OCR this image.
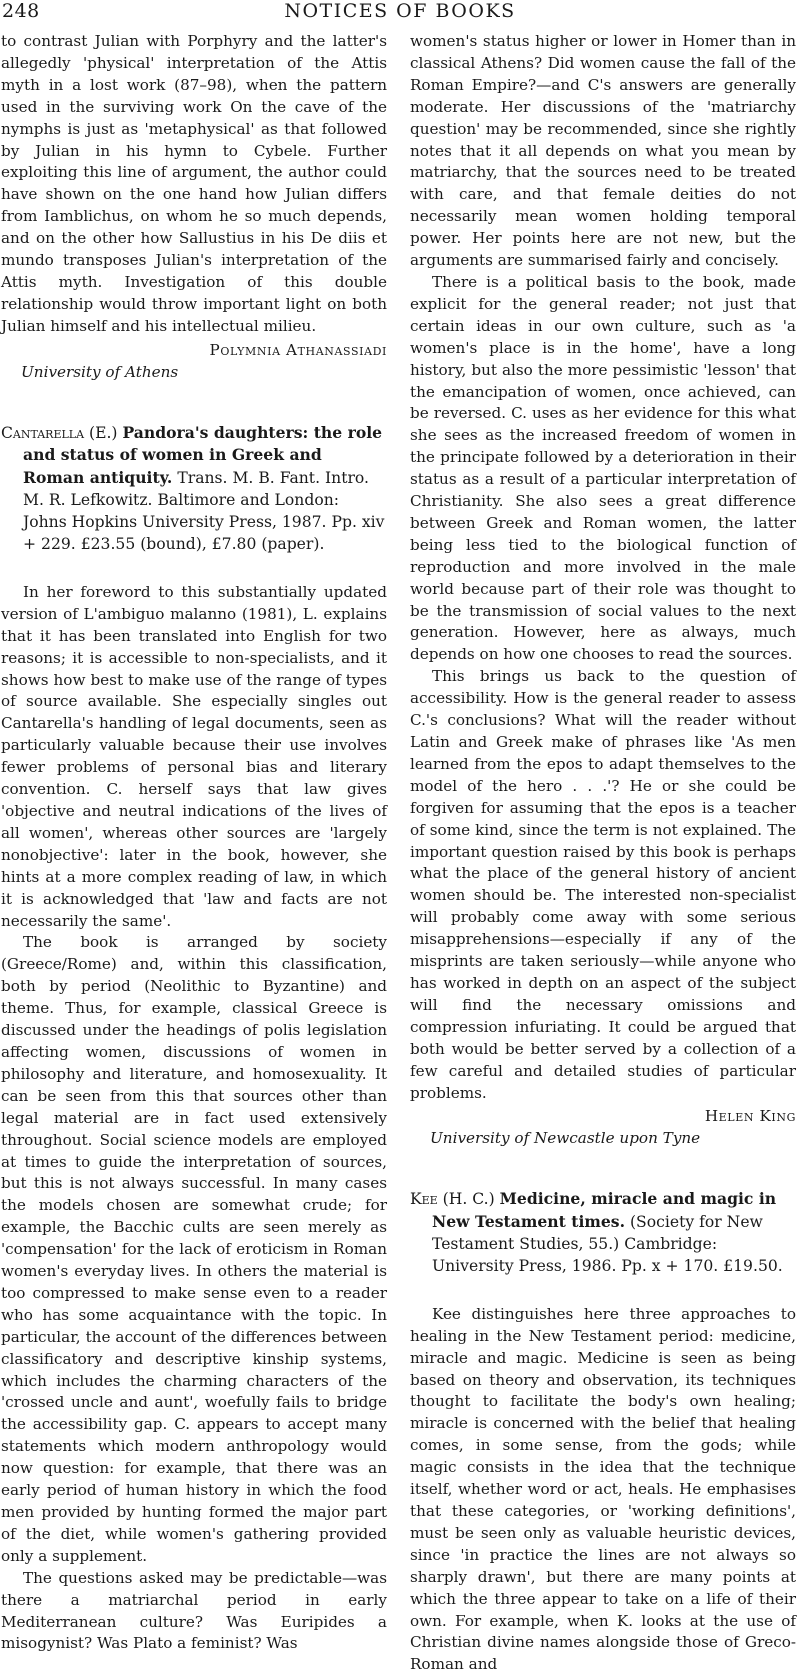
248	NOTICES OF BOOKS

to contrast Julian with Porphyry and the latter's allegedly 'physical' interpretation of the Attis myth in a lost work (87–98), when the pattern used in the surviving work On the cave of the nymphs is just as 'metaphysical' as that followed by Julian in his hymn to Cybele. Further exploiting this line of argument, the author could have shown on the one hand how Julian differs from Iamblichus, on whom he so much depends, and on the other how Sallustius in his De diis et mundo transposes Julian's interpretation of the Attis myth. Investigation of this double relationship would throw important light on both Julian himself and his intellectual milieu.

Polymnia Athanassiadi

University of Athens

Cantarella (E.) Pandora's daughters: the role and status of women in Greek and Roman antiquity. Trans. M. B. Fant. Intro. M. R. Lefkowitz. Baltimore and London: Johns Hopkins University Press, 1987. Pp. xiv + 229. £23.55 (bound), £7.80 (paper).

In her foreword to this substantially updated version of L'ambiguo malanno (1981), L. explains that it has been translated into English for two reasons; it is accessible to non-specialists, and it shows how best to make use of the range of types of source available. She especially singles out Cantarella's handling of legal documents, seen as particularly valuable because their use involves fewer problems of personal bias and literary convention. C. herself says that law gives 'objective and neutral indications of the lives of all women', whereas other sources are 'largely nonobjective': later in the book, however, she hints at a more complex reading of law, in which it is acknowledged that 'law and facts are not necessarily the same'.

The book is arranged by society (Greece/Rome) and, within this classification, both by period (Neolithic to Byzantine) and theme. Thus, for example, classical Greece is discussed under the headings of polis legislation affecting women, discussions of women in philosophy and literature, and homosexuality. It can be seen from this that sources other than legal material are in fact used extensively throughout. Social science models are employed at times to guide the interpretation of sources, but this is not always successful. In many cases the models chosen are somewhat crude; for example, the Bacchic cults are seen merely as 'compensation' for the lack of eroticism in Roman women's everyday lives. In others the material is too compressed to make sense even to a reader who has some acquaintance with the topic. In particular, the account of the differences between classificatory and descriptive kinship systems, which includes the charming characters of the 'crossed uncle and aunt', woefully fails to bridge the accessibility gap. C. appears to accept many statements which modern anthropology would now question: for example, that there was an early period of human history in which the food men provided by hunting formed the major part of the diet, while women's gathering provided only a supplement.

The questions asked may be predictable—was there a matriarchal period in early Mediterranean culture? Was Euripides a misogynist? Was Plato a feminist? Was

women's status higher or lower in Homer than in classical Athens? Did women cause the fall of the Roman Empire?—and C's answers are generally moderate. Her discussions of the 'matriarchy question' may be recommended, since she rightly notes that it all depends on what you mean by matriarchy, that the sources need to be treated with care, and that female deities do not necessarily mean women holding temporal power. Her points here are not new, but the arguments are summarised fairly and concisely.

There is a political basis to the book, made explicit for the general reader; not just that certain ideas in our own culture, such as 'a women's place is in the home', have a long history, but also the more pessimistic 'lesson' that the emancipation of women, once achieved, can be reversed. C. uses as her evidence for this what she sees as the increased freedom of women in the principate followed by a deterioration in their status as a result of a particular interpretation of Christianity. She also sees a great difference between Greek and Roman women, the latter being less tied to the biological function of reproduction and more involved in the male world because part of their role was thought to be the transmission of social values to the next generation. However, here as always, much depends on how one chooses to read the sources.

This brings us back to the question of accessibility. How is the general reader to assess C.'s conclusions? What will the reader without Latin and Greek make of phrases like 'As men learned from the epos to adapt themselves to the model of the hero . . .'? He or she could be forgiven for assuming that the epos is a teacher of some kind, since the term is not explained. The important question raised by this book is perhaps what the place of the general history of ancient women should be. The interested non-specialist will probably come away with some serious misapprehensions—especially if any of the misprints are taken seriously—while anyone who has worked in depth on an aspect of the subject will find the necessary omissions and compression infuriating. It could be argued that both would be better served by a collection of a few careful and detailed studies of particular problems.

Helen King

University of Newcastle upon Tyne

Kee (H. C.) Medicine, miracle and magic in New Testament times. (Society for New Testament Studies, 55.) Cambridge: University Press, 1986. Pp. x + 170. £19.50.

Kee distinguishes here three approaches to healing in the New Testament period: medicine, miracle and magic. Medicine is seen as being based on theory and observation, its techniques thought to facilitate the body's own healing; miracle is concerned with the belief that healing comes, in some sense, from the gods; while magic consists in the idea that the technique itself, whether word or act, heals. He emphasises that these categories, or 'working definitions', must be seen only as valuable heuristic devices, since 'in practice the lines are not always so sharply drawn', but there are many points at which the three appear to take on a life of their own. For example, when K. looks at the use of Christian divine names alongside those of Greco-Roman and
